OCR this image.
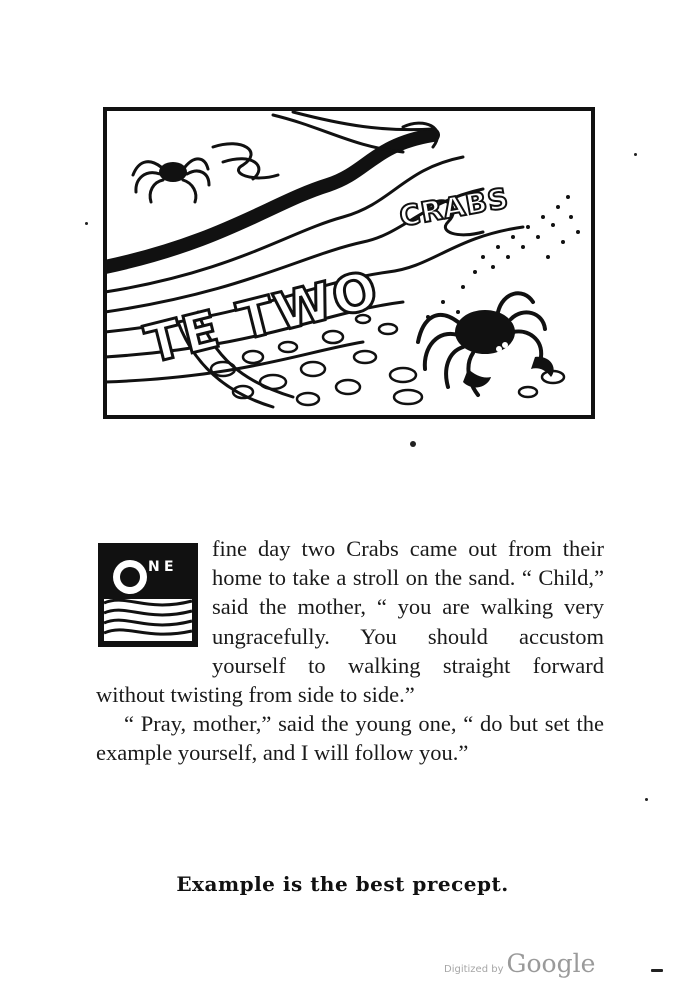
CRABS
TE TWO
N E

fine day two Crabs came out from their home to take a stroll on the sand. “ Child,” said the mother, “ you are walking very ungracefully. You should accustom yourself to walking straight forward without twisting from side to side.”

“ Pray, mother,” said the young one, “ do but set the example yourself, and I will follow you.”

Example is the best precept.
Digitized by Google
